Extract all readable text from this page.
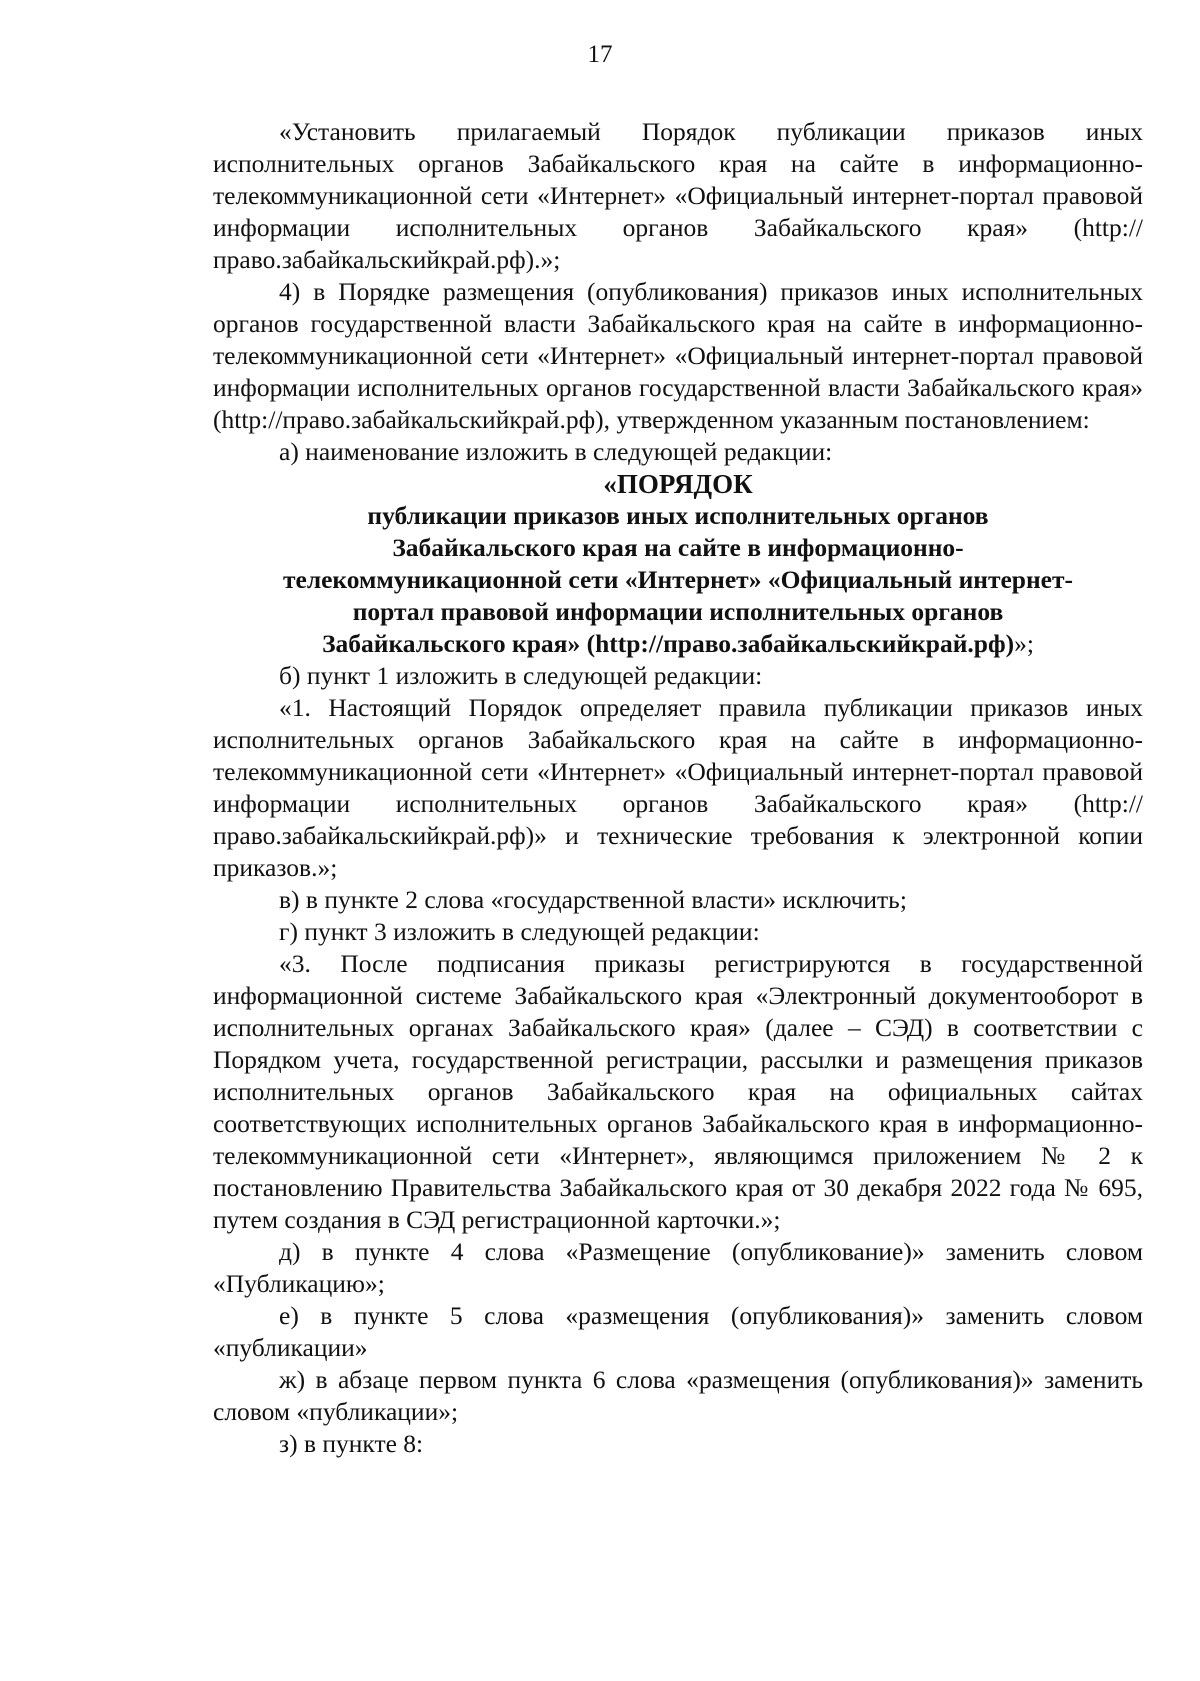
17

«Установить прилагаемый Порядок публикации приказов иных исполнительных органов Забайкальского края на сайте в информационно-телекоммуникационной сети «Интернет» «Официальный интернет-портал правовой информации исполнительных органов Забайкальского края» (http://право.забайкальскийкрай.рф).»;

4) в Порядке размещения (опубликования) приказов иных исполнительных органов государственной власти Забайкальского края на сайте в информационно-телекоммуникационной сети «Интернет» «Официальный интернет-портал правовой информации исполнительных органов государственной власти Забайкальского края» (http://право.забайкальскийкрай.рф), утвержденном указанным постановлением:

а) наименование изложить в следующей редакции:

«ПОРЯДОК
публикации приказов иных исполнительных органов
Забайкальского края на сайте в информационно-
телекоммуникационной сети «Интернет» «Официальный интернет-
портал правовой информации исполнительных органов
Забайкальского края» (http://право.забайкальскийкрай.рф)»;

б) пункт 1 изложить в следующей редакции:

«1. Настоящий Порядок определяет правила публикации приказов иных исполнительных органов Забайкальского края на сайте в информационно-телекоммуникационной сети «Интернет» «Официальный интернет-портал правовой информации исполнительных органов Забайкальского края» (http://право.забайкальскийкрай.рф)» и технические требования к электронной копии приказов.»;

в) в пункте 2 слова «государственной власти» исключить;

г) пункт 3 изложить в следующей редакции:

«3. После подписания приказы регистрируются в государственной информационной системе Забайкальского края «Электронный документооборот в исполнительных органах Забайкальского края» (далее – СЭД) в соответствии с Порядком учета, государственной регистрации, рассылки и размещения приказов исполнительных органов Забайкальского края на официальных сайтах соответствующих исполнительных органов Забайкальского края в информационно-телекоммуникационной сети «Интернет», являющимся приложением № 2 к постановлению Правительства Забайкальского края от 30 декабря 2022 года № 695, путем создания в СЭД регистрационной карточки.»;

д) в пункте 4 слова «Размещение (опубликование)» заменить словом «Публикацию»;

е) в пункте 5 слова «размещения (опубликования)» заменить словом «публикации»

ж) в абзаце первом пункта 6 слова «размещения (опубликования)» заменить словом «публикации»;

з) в пункте 8:
